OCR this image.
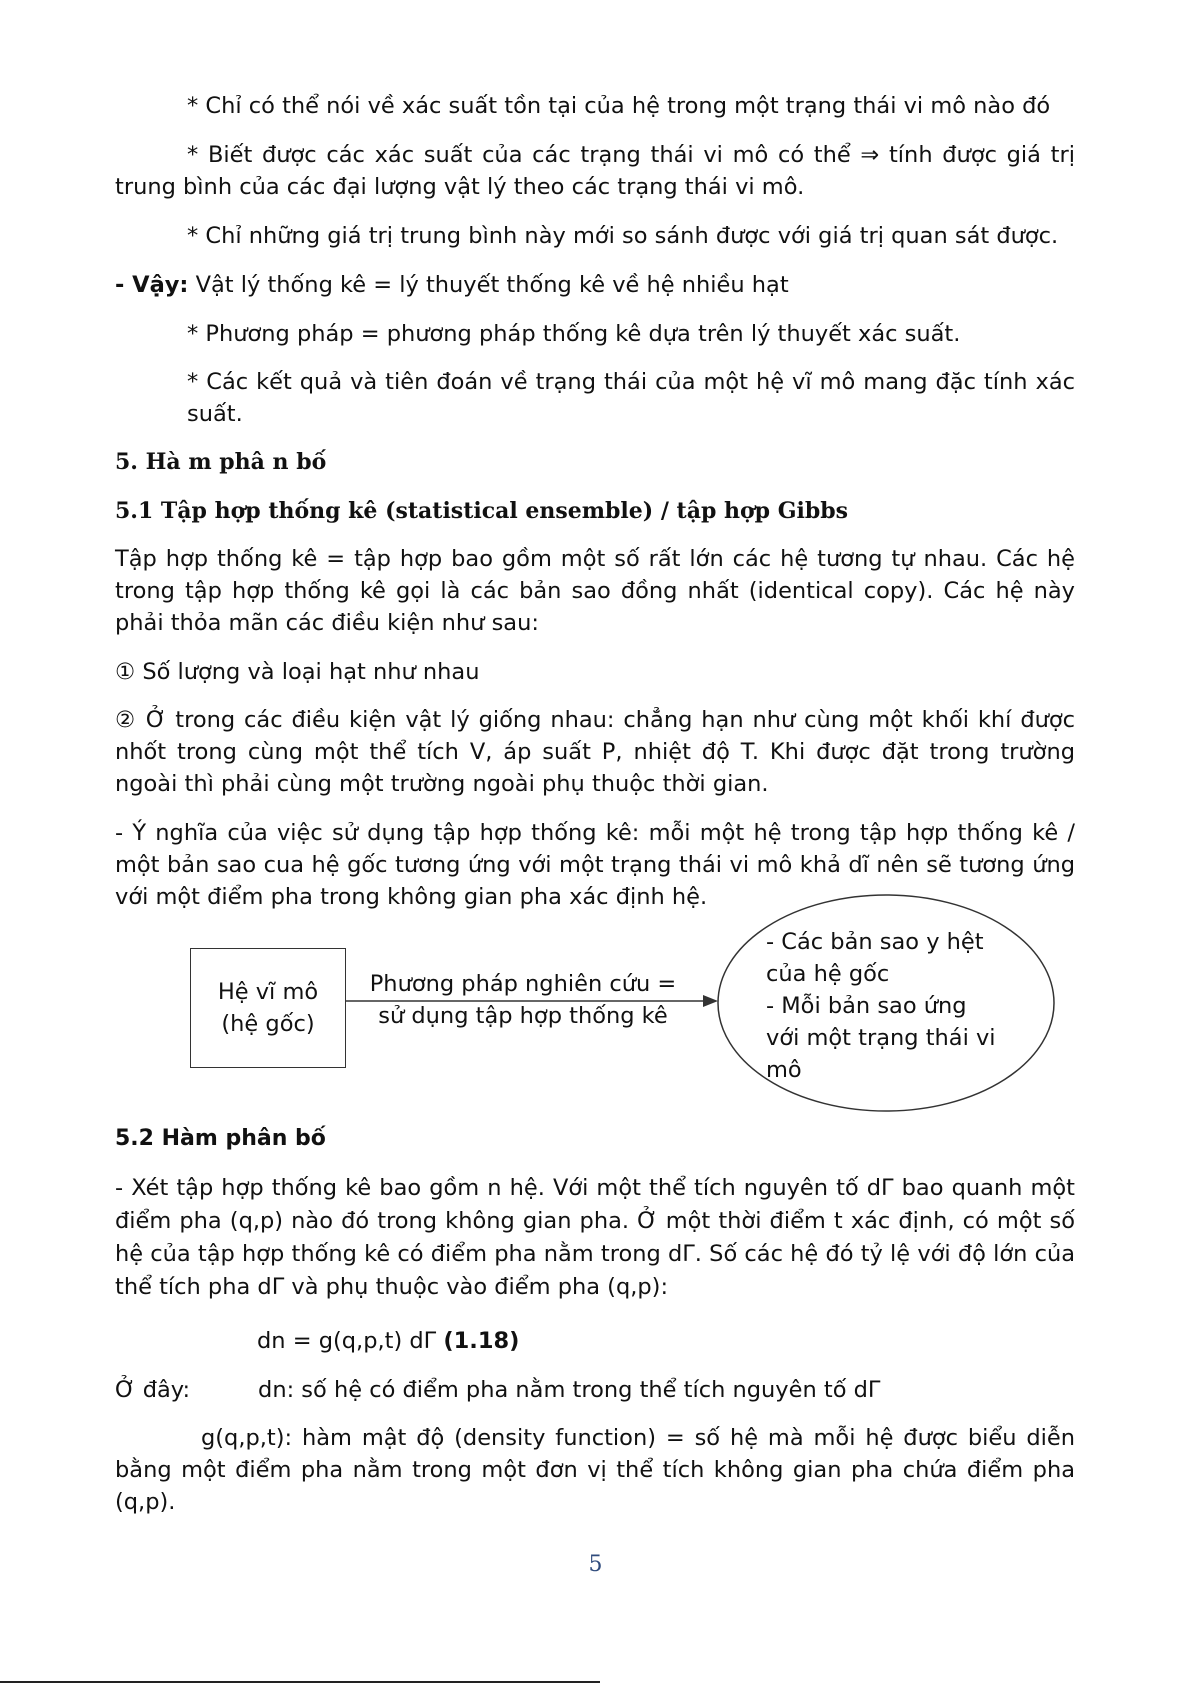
* Chỉ có thể nói về xác suất tồn tại của hệ trong một trạng thái vi mô nào đó

* Biết được các xác suất của các trạng thái vi mô có thể ⇒ tính được giá trị trung bình của các đại lượng vật lý theo các trạng thái vi mô.

* Chỉ những giá trị trung bình này mới so sánh được với giá trị quan sát được.

- Vậy: Vật lý thống kê = lý thuyết thống kê về hệ nhiều hạt

* Phương pháp = phương pháp thống kê dựa trên lý thuyết xác suất.

* Các kết quả và tiên đoán về trạng thái của một hệ vĩ mô mang đặc tính xác suất.

5. Hà m phâ n bố

5.1 Tập hợp thống kê (statistical ensemble) / tập hợp Gibbs

Tập hợp thống kê = tập hợp bao gồm một số rất lớn các hệ tương tự nhau. Các hệ trong tập hợp thống kê gọi là các bản sao đồng nhất (identical copy). Các hệ này phải thỏa mãn các điều kiện như sau:

① Số lượng và loại hạt như nhau

② Ở trong các điều kiện vật lý giống nhau: chẳng hạn như cùng một khối khí được nhốt trong cùng một thể tích V, áp suất P, nhiệt độ T. Khi được đặt trong trường ngoài thì phải cùng một trường ngoài phụ thuộc thời gian.

- Ý nghĩa của việc sử dụng tập hợp thống kê: mỗi một hệ trong tập hợp thống kê / một bản sao cua hệ gốc tương ứng với một trạng thái vi mô khả dĩ nên sẽ tương ứng với một điểm pha trong không gian pha xác định hệ.

Hệ vĩ mô
(hệ gốc)
Phương pháp nghiên cứu =
sử dụng tập hợp thống kê
- Các bản sao y hệt
của hệ gốc
- Mỗi bản sao ứng
với một trạng thái vi
mô

5.2 Hàm phân bố

- Xét tập hợp thống kê bao gồm n hệ. Với một thể tích nguyên tố dΓ bao quanh một điểm pha (q,p) nào đó trong không gian pha. Ở một thời điểm t xác định, có một số hệ của tập hợp thống kê có điểm pha nằm trong dΓ. Số các hệ đó tỷ lệ với độ lớn của thể tích pha dΓ và phụ thuộc vào điểm pha (q,p):

dn = g(q,p,t) dΓ (1.18)

Ở đây:	dn: số hệ có điểm pha nằm trong thể tích nguyên tố dΓ

g(q,p,t): hàm mật độ (density function) = số hệ mà mỗi hệ được biểu diễn bằng một điểm pha nằm trong một đơn vị thể tích không gian pha chứa điểm pha (q,p).

5
